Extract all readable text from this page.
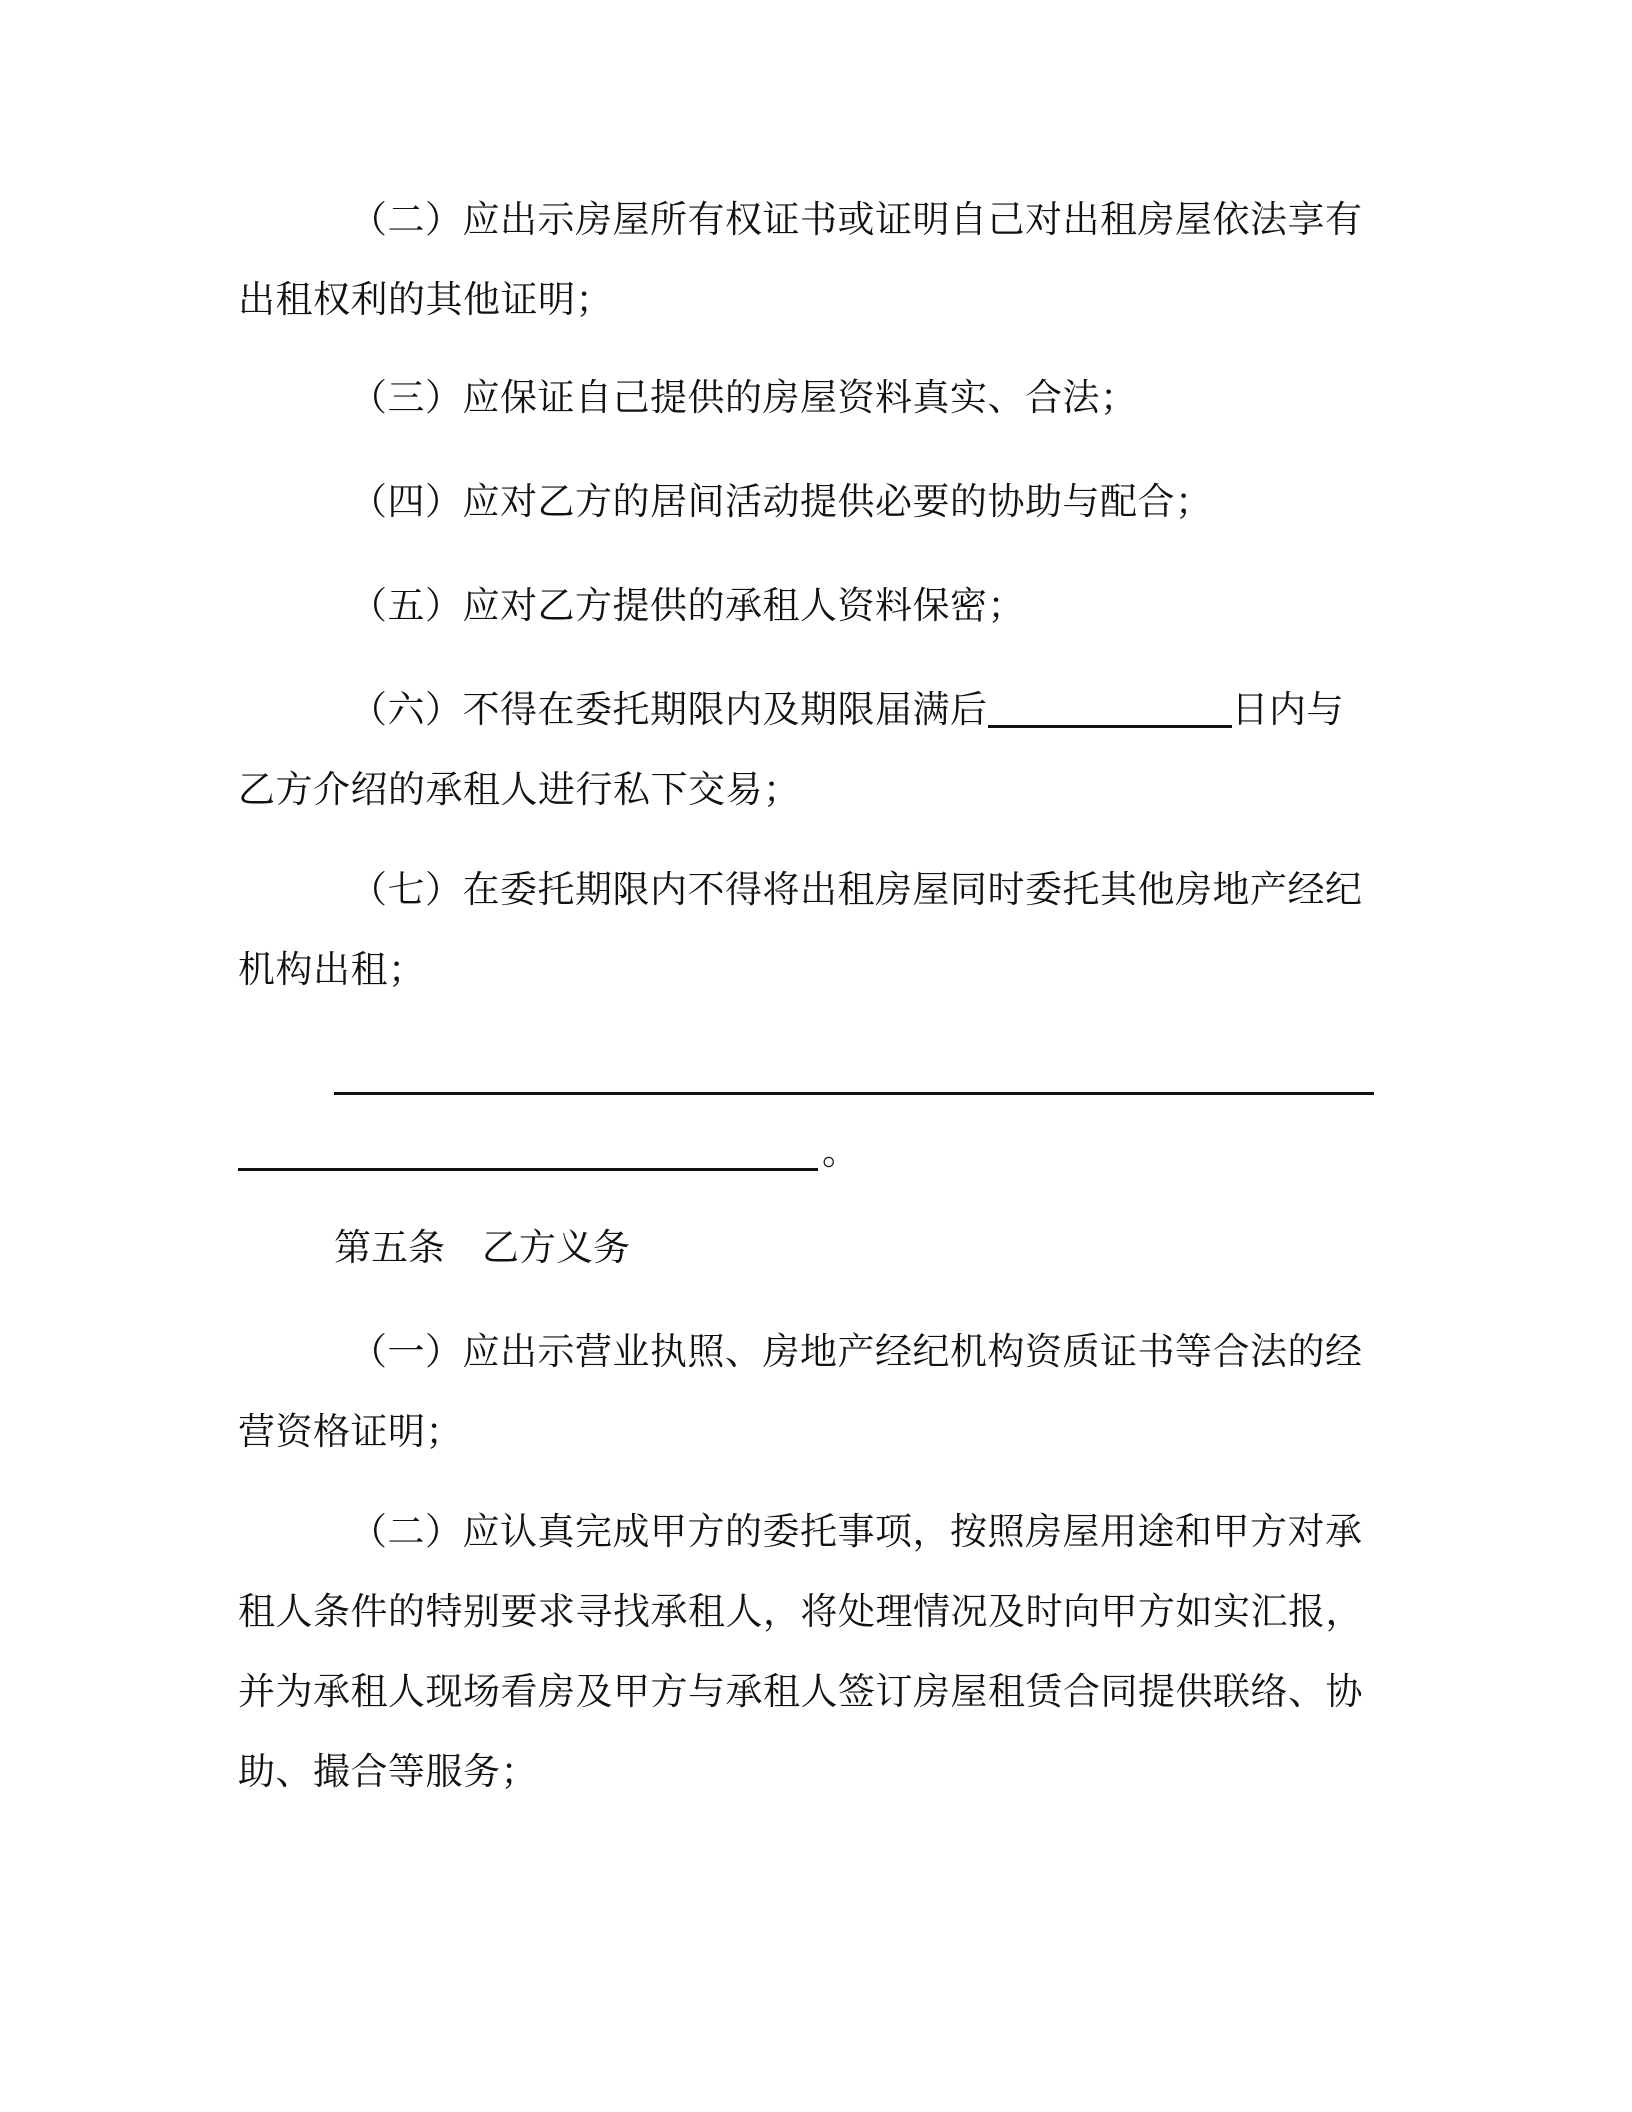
（二）应出示房屋所有权证书或证明自己对出租房屋依法享有出租权利的其他证明；
（三）应保证自己提供的房屋资料真实、合法；
（四）应对乙方的居间活动提供必要的协助与配合；
（五）应对乙方提供的承租人资料保密；
（六）不得在委托期限内及期限届满后	日内与乙方介绍的承租人进行私下交易；
（七）在委托期限内不得将出租房屋同时委托其他房地产经纪机构出租；
。
第五条　乙方义务
（一）应出示营业执照、房地产经纪机构资质证书等合法的经营资格证明；
（二）应认真完成甲方的委托事项，按照房屋用途和甲方对承租人条件的特别要求寻找承租人，将处理情况及时向甲方如实汇报，并为承租人现场看房及甲方与承租人签订房屋租赁合同提供联络、协助、撮合等服务；
